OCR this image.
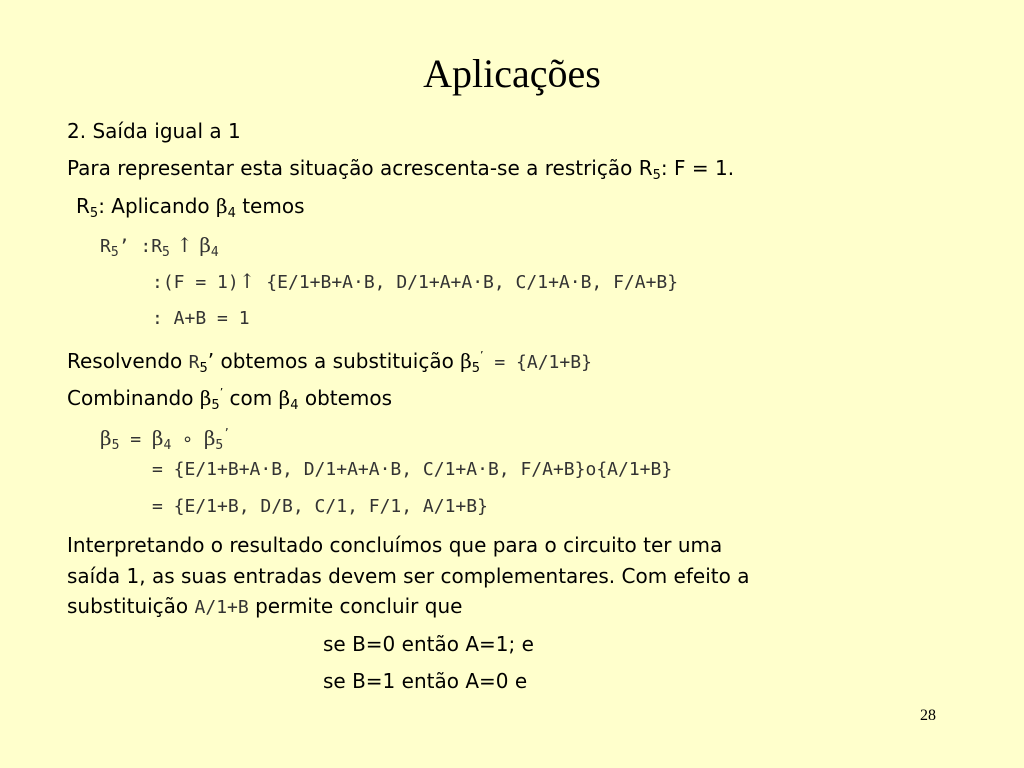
Aplicações
2. Saída igual a 1
Para representar esta situação acrescenta-se a restrição $R_5$: F = 1.
$R_5$: Aplicando $\beta_4$ temos
$R_5$’ $:R_5$ ↑ $\beta_4$
:(F = 1)↑ {E/1+B+A·B, D/1+A+A·B, C/1+A·B, F/A+B}
: A+B = 1
Resolvendo $R_5$’ obtemos a substituição $\beta_5^’ = \{A/1+B\}$
Combinando $\beta_5^’$ com $\beta_4$ obtemos
$\beta_5 = \beta_4$ ∘ $\beta_5^’$
= {E/1+B+A·B, D/1+A+A·B, C/1+A·B, F/A+B}o{A/1+B}
= {E/1+B, D/B, C/1, F/1, A/1+B}
Interpretando o resultado concluímos que para o circuito ter uma
saída 1, as suas entradas devem ser complementares. Com efeito a
substituição A/1+B permite concluir que
se B=0 então A=1; e
se B=1 então A=0 e
28
